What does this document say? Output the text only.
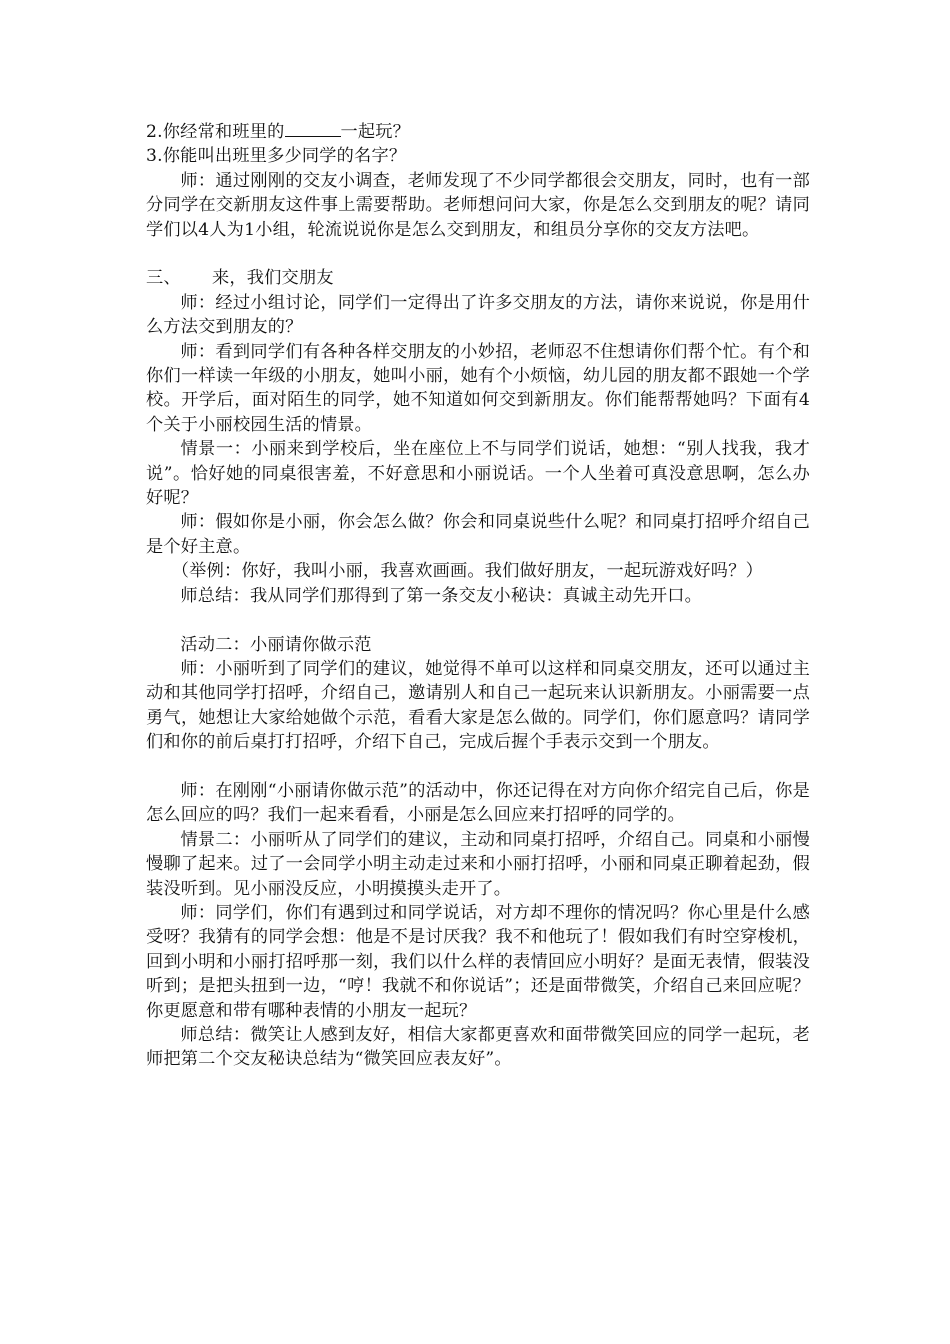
2.你经常和班里的	一起玩？

3.你能叫出班里多少同学的名字？

师：通过刚刚的交友小调查，老师发现了不少同学都很会交朋友，同时，也有一部分同学在交新朋友这件事上需要帮助。老师想问问大家，你是怎么交到朋友的呢？请同学们以4人为1小组，轮流说说你是怎么交到朋友，和组员分享你的交友方法吧。

三、 来，我们交朋友

师：经过小组讨论，同学们一定得出了许多交朋友的方法，请你来说说，你是用什么方法交到朋友的？

师：看到同学们有各种各样交朋友的小妙招，老师忍不住想请你们帮个忙。有个和你们一样读一年级的小朋友，她叫小丽，她有个小烦恼，幼儿园的朋友都不跟她一个学校。开学后，面对陌生的同学，她不知道如何交到新朋友。你们能帮帮她吗？下面有4个关于小丽校园生活的情景。

情景一：小丽来到学校后，坐在座位上不与同学们说话，她想：“别人找我，我才说”。恰好她的同桌很害羞，不好意思和小丽说话。一个人坐着可真没意思啊，怎么办好呢？

师：假如你是小丽，你会怎么做？你会和同桌说些什么呢？和同桌打招呼介绍自己是个好主意。

（举例：你好，我叫小丽，我喜欢画画。我们做好朋友，一起玩游戏好吗？）

师总结：我从同学们那得到了第一条交友小秘诀：真诚主动先开口。

活动二：小丽请你做示范

师：小丽听到了同学们的建议，她觉得不单可以这样和同桌交朋友，还可以通过主动和其他同学打招呼，介绍自己，邀请别人和自己一起玩来认识新朋友。小丽需要一点勇气，她想让大家给她做个示范，看看大家是怎么做的。同学们，你们愿意吗？请同学们和你的前后桌打打招呼，介绍下自己，完成后握个手表示交到一个朋友。

师：在刚刚“小丽请你做示范”的活动中，你还记得在对方向你介绍完自己后，你是怎么回应的吗？我们一起来看看，小丽是怎么回应来打招呼的同学的。

情景二：小丽听从了同学们的建议，主动和同桌打招呼，介绍自己。同桌和小丽慢慢聊了起来。过了一会同学小明主动走过来和小丽打招呼，小丽和同桌正聊着起劲，假装没听到。见小丽没反应，小明摸摸头走开了。

师：同学们，你们有遇到过和同学说话，对方却不理你的情况吗？你心里是什么感受呀？我猜有的同学会想：他是不是讨厌我？我不和他玩了！假如我们有时空穿梭机，回到小明和小丽打招呼那一刻，我们以什么样的表情回应小明好？是面无表情，假装没听到；是把头扭到一边，“哼！我就不和你说话”；还是面带微笑，介绍自己来回应呢？你更愿意和带有哪种表情的小朋友一起玩？

师总结：微笑让人感到友好，相信大家都更喜欢和面带微笑回应的同学一起玩，老师把第二个交友秘诀总结为“微笑回应表友好”。
